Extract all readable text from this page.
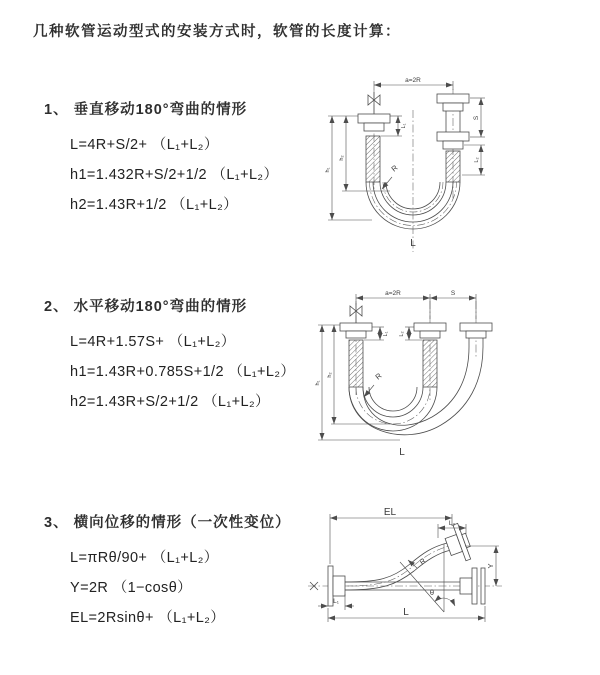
几种软管运动型式的安装方式时，软管的长度计算：
1、 垂直移动180°弯曲的情形
L=4R+S/2+ （L₁+L₂）
h1=1.432R+S/2+1/2 （L₁+L₂）
h2=1.43R+1/2 （L₁+L₂）
2、 水平移动180°弯曲的情形
L=4R+1.57S+ （L₁+L₂）
h1=1.43R+0.785S+1/2 （L₁+L₂）
h2=1.43R+S/2+1/2 （L₁+L₂）
3、 横向位移的情形（一次性变位）
L=πRθ/90+ （L₁+L₂）
Y=2R （1−cosθ）
EL=2Rsinθ+ （L₁+L₂）
a=2R
L₁
h₁
h₂
S
L₂
R
L
a=2R	S
L₁ L₂
h₁
h₂	R
L
EL
L₂
Y
θ
R
L₁
L
